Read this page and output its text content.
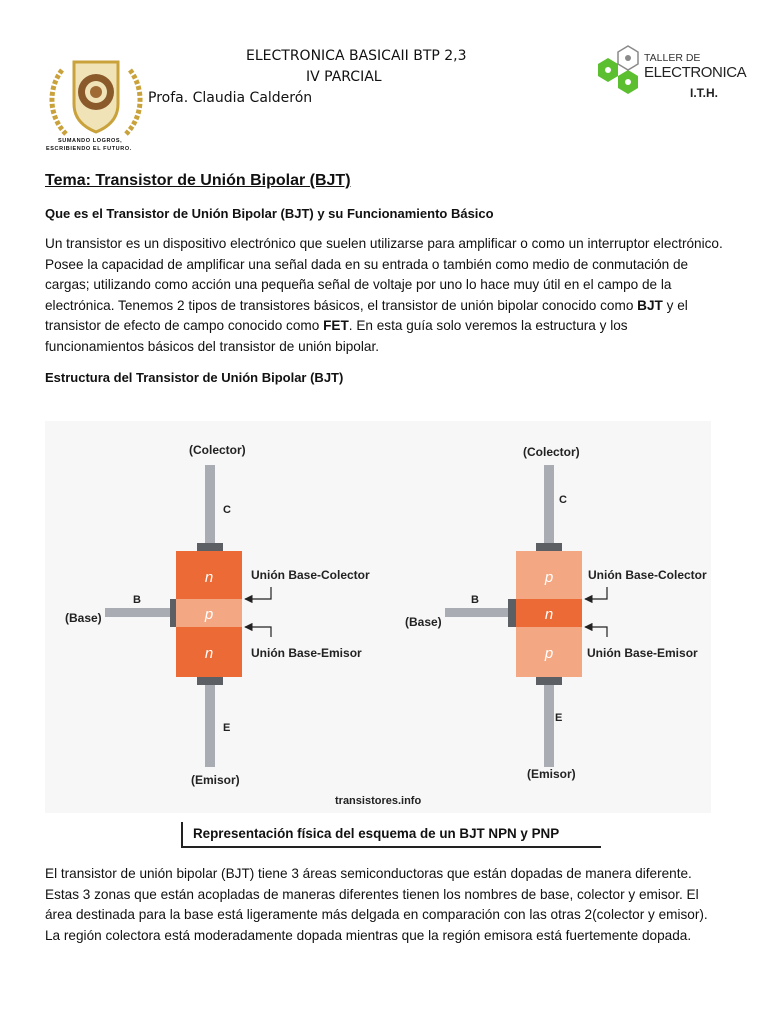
SUMANDO LOGROS,
ESCRIBIENDO EL FUTURO.
ELECTRONICA BASICAII BTP 2,3
IV PARCIAL
Profa. Claudia Calderón
TALLER DE
ELECTRONICA
I.T.H.
Tema: Transistor de Unión Bipolar (BJT)
Que es el Transistor de Unión Bipolar (BJT) y su Funcionamiento Básico
Un transistor es un dispositivo electrónico que suelen utilizarse para amplificar o como un interruptor electrónico. Posee la capacidad de amplificar una señal dada en su entrada o también como medio de conmutación de cargas; utilizando como acción una pequeña señal de voltaje por uno lo hace muy útil en el campo de la electrónica. Tenemos 2 tipos de transistores básicos, el transistor de unión bipolar conocido como BJT y el transistor de efecto de campo conocido como FET. En esta guía solo veremos la estructura y los funcionamientos básicos del transistor de unión bipolar.
Estructura del Transistor de Unión Bipolar (BJT)
n
p
n
(Colector)
C
E
(Emisor)
B
(Base)
Unión Base-Colector
Unión Base-Emisor
p
n
p
(Colector)
C
E
(Emisor)
B
(Base)
Unión Base-Colector
Unión Base-Emisor
transistores.info
Representación física del esquema de un BJT NPN y PNP
El transistor de unión bipolar (BJT) tiene 3 áreas semiconductoras que están dopadas de manera diferente. Estas 3 zonas que están acopladas de maneras diferentes tienen los nombres de base, colector y emisor. El área destinada para la base está ligeramente más delgada en comparación con las otras 2(colector y emisor). La región colectora está moderadamente dopada mientras que la región emisora está fuertemente dopada.
